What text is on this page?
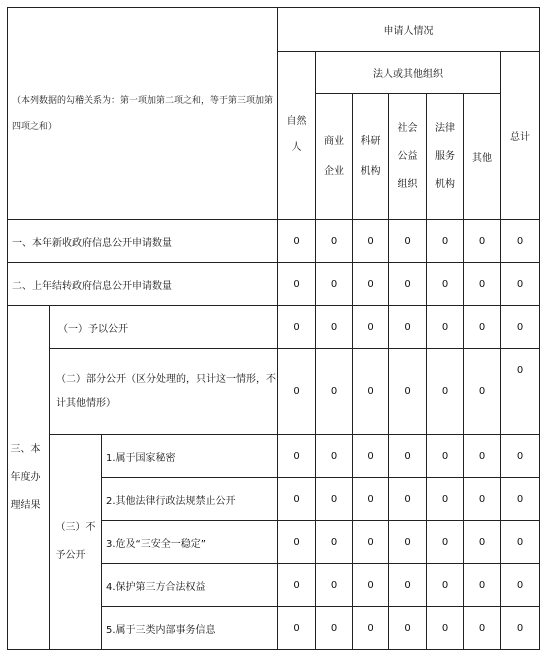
（本列数据的勾稽关系为：第一项加第二项之和，等于第三项加第四项之和）			申请人情况						
			自然人	法人或其他组织					总计
				商业企业	科研机构	社会公益组织	法律服务机构	其他	
一、本年新收政府信息公开申请数量			0	0	0	0	0	0	0
二、上年结转政府信息公开申请数量			0	0	0	0	0	0	0
三、本年度办理结果	（一）予以公开		0	0	0	0	0	0	0
	（二）部分公开（区分处理的，只计这一情形，不计其他情形）		0	0	0	0	0	0	0
	（三）不予公开	1.属于国家秘密	0	0	0	0	0	0	0
		2.其他法律行政法规禁止公开	0	0	0	0	0	0	0
		3.危及“三安全一稳定”	0	0	0	0	0	0	0
		4.保护第三方合法权益	0	0	0	0	0	0	0
		5.属于三类内部事务信息	0	0	0	0	0	0	0
